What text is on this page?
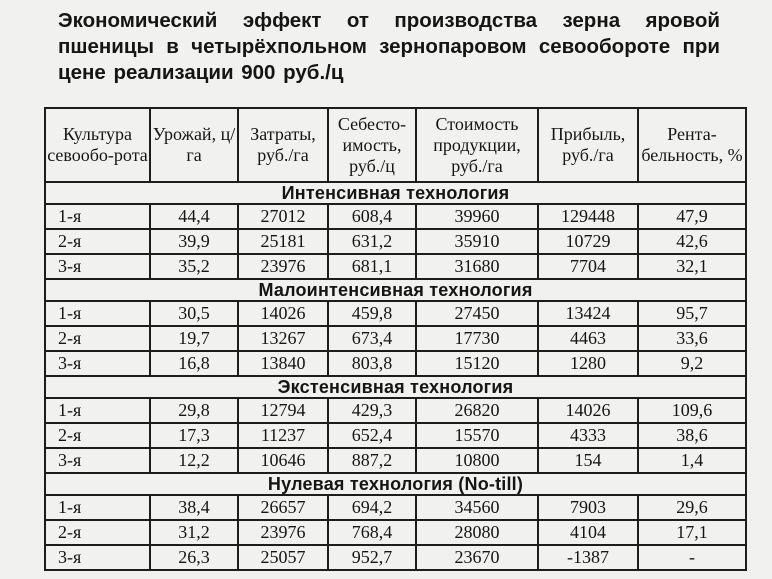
Экономический эффект от производства зерна яровой пшеницы в четырёхпольном зернопаровом севообороте при цене реализации 900 руб./ц
Культура севообо-рота	Урожай, ц/га	Затраты, руб./га	Себесто-имость, руб./ц	Стоимость продукции, руб./га	Прибыль, руб./га	Рента-бельность, %
Интенсивная технология						
1-я	44,4	27012	608,4	39960	129448	47,9
2-я	39,9	25181	631,2	35910	10729	42,6
3-я	35,2	23976	681,1	31680	7704	32,1
Малоинтенсивная технология						
1-я	30,5	14026	459,8	27450	13424	95,7
2-я	19,7	13267	673,4	17730	4463	33,6
3-я	16,8	13840	803,8	15120	1280	9,2
Экстенсивная технология						
1-я	29,8	12794	429,3	26820	14026	109,6
2-я	17,3	11237	652,4	15570	4333	38,6
3-я	12,2	10646	887,2	10800	154	1,4
Нулевая технология (No-till)						
1-я	38,4	26657	694,2	34560	7903	29,6
2-я	31,2	23976	768,4	28080	4104	17,1
3-я	26,3	25057	952,7	23670	-1387	-
